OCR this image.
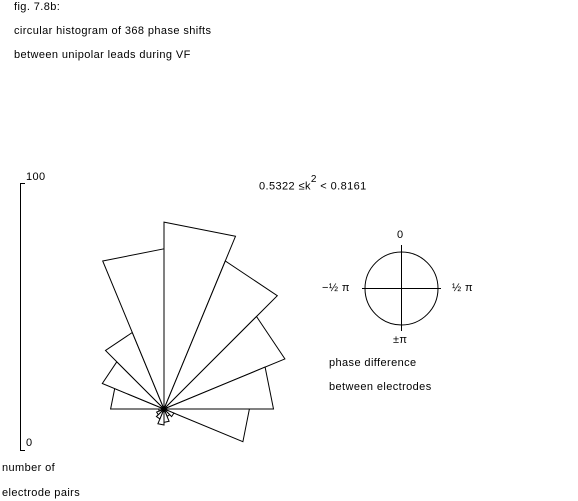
fig. 7.8b:
circular histogram of 368 phase shifts
between unipolar leads during VF
100
0
number of
electrode pairs
$0.5322 \le k^2 < 0.8161$
0
−½ π	½ π
±π
phase difference
between electrodes
